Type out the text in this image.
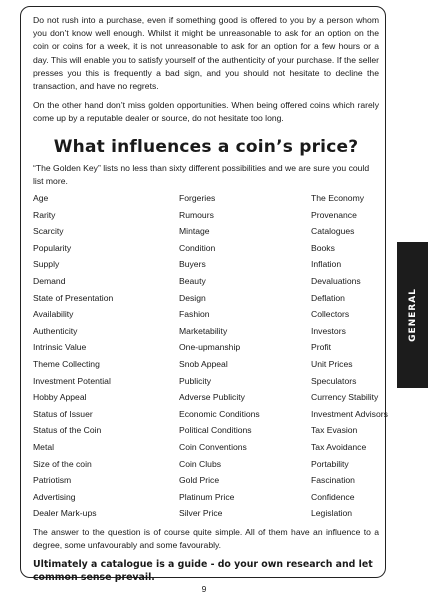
Do not rush into a purchase, even if something good is offered to you by a person whom you don’t know well enough. Whilst it might be unreasonable to ask for an option on the coin or coins for a week, it is not unreasonable to ask for an option for a few hours or a day. This will enable you to satisfy yourself of the authenticity of your purchase. If the seller presses you this is frequently a bad sign, and you should not hesitate to decline the transaction, and have no regrets.

On the other hand don’t miss golden opportunities. When being offered coins which rarely come up by a reputable dealer or source, do not hesitate too long.

What influences a coin’s price?

“The Golden Key” lists no less than sixty different possibilities and we are sure you could list more.

Age
Rarity
Scarcity
Popularity
Supply
Demand
State of Presentation
Availability
Authenticity
Intrinsic Value
Theme Collecting
Investment Potential
Hobby Appeal
Status of Issuer
Status of the Coin
Metal
Size of the coin
Patriotism
Advertising
Dealer Mark-ups
Forgeries
Rumours
Mintage
Condition
Buyers
Beauty
Design
Fashion
Marketability
One-upmanship
Snob Appeal
Publicity
Adverse Publicity
Economic Conditions
Political Conditions
Coin Conventions
Coin Clubs
Gold Price
Platinum Price
Silver Price
The Economy
Provenance
Catalogues
Books
Inflation
Devaluations
Deflation
Collectors
Investors
Profit
Unit Prices
Speculators
Currency Stability
Investment Advisors
Tax Evasion
Tax Avoidance
Portability
Fascination
Confidence
Legislation

The answer to the question is of course quite simple. All of them have an influence to a degree, some unfavourably and some favourably.

Ultimately a catalogue is a guide - do your own research and let common sense prevail.

GENERAL
9
